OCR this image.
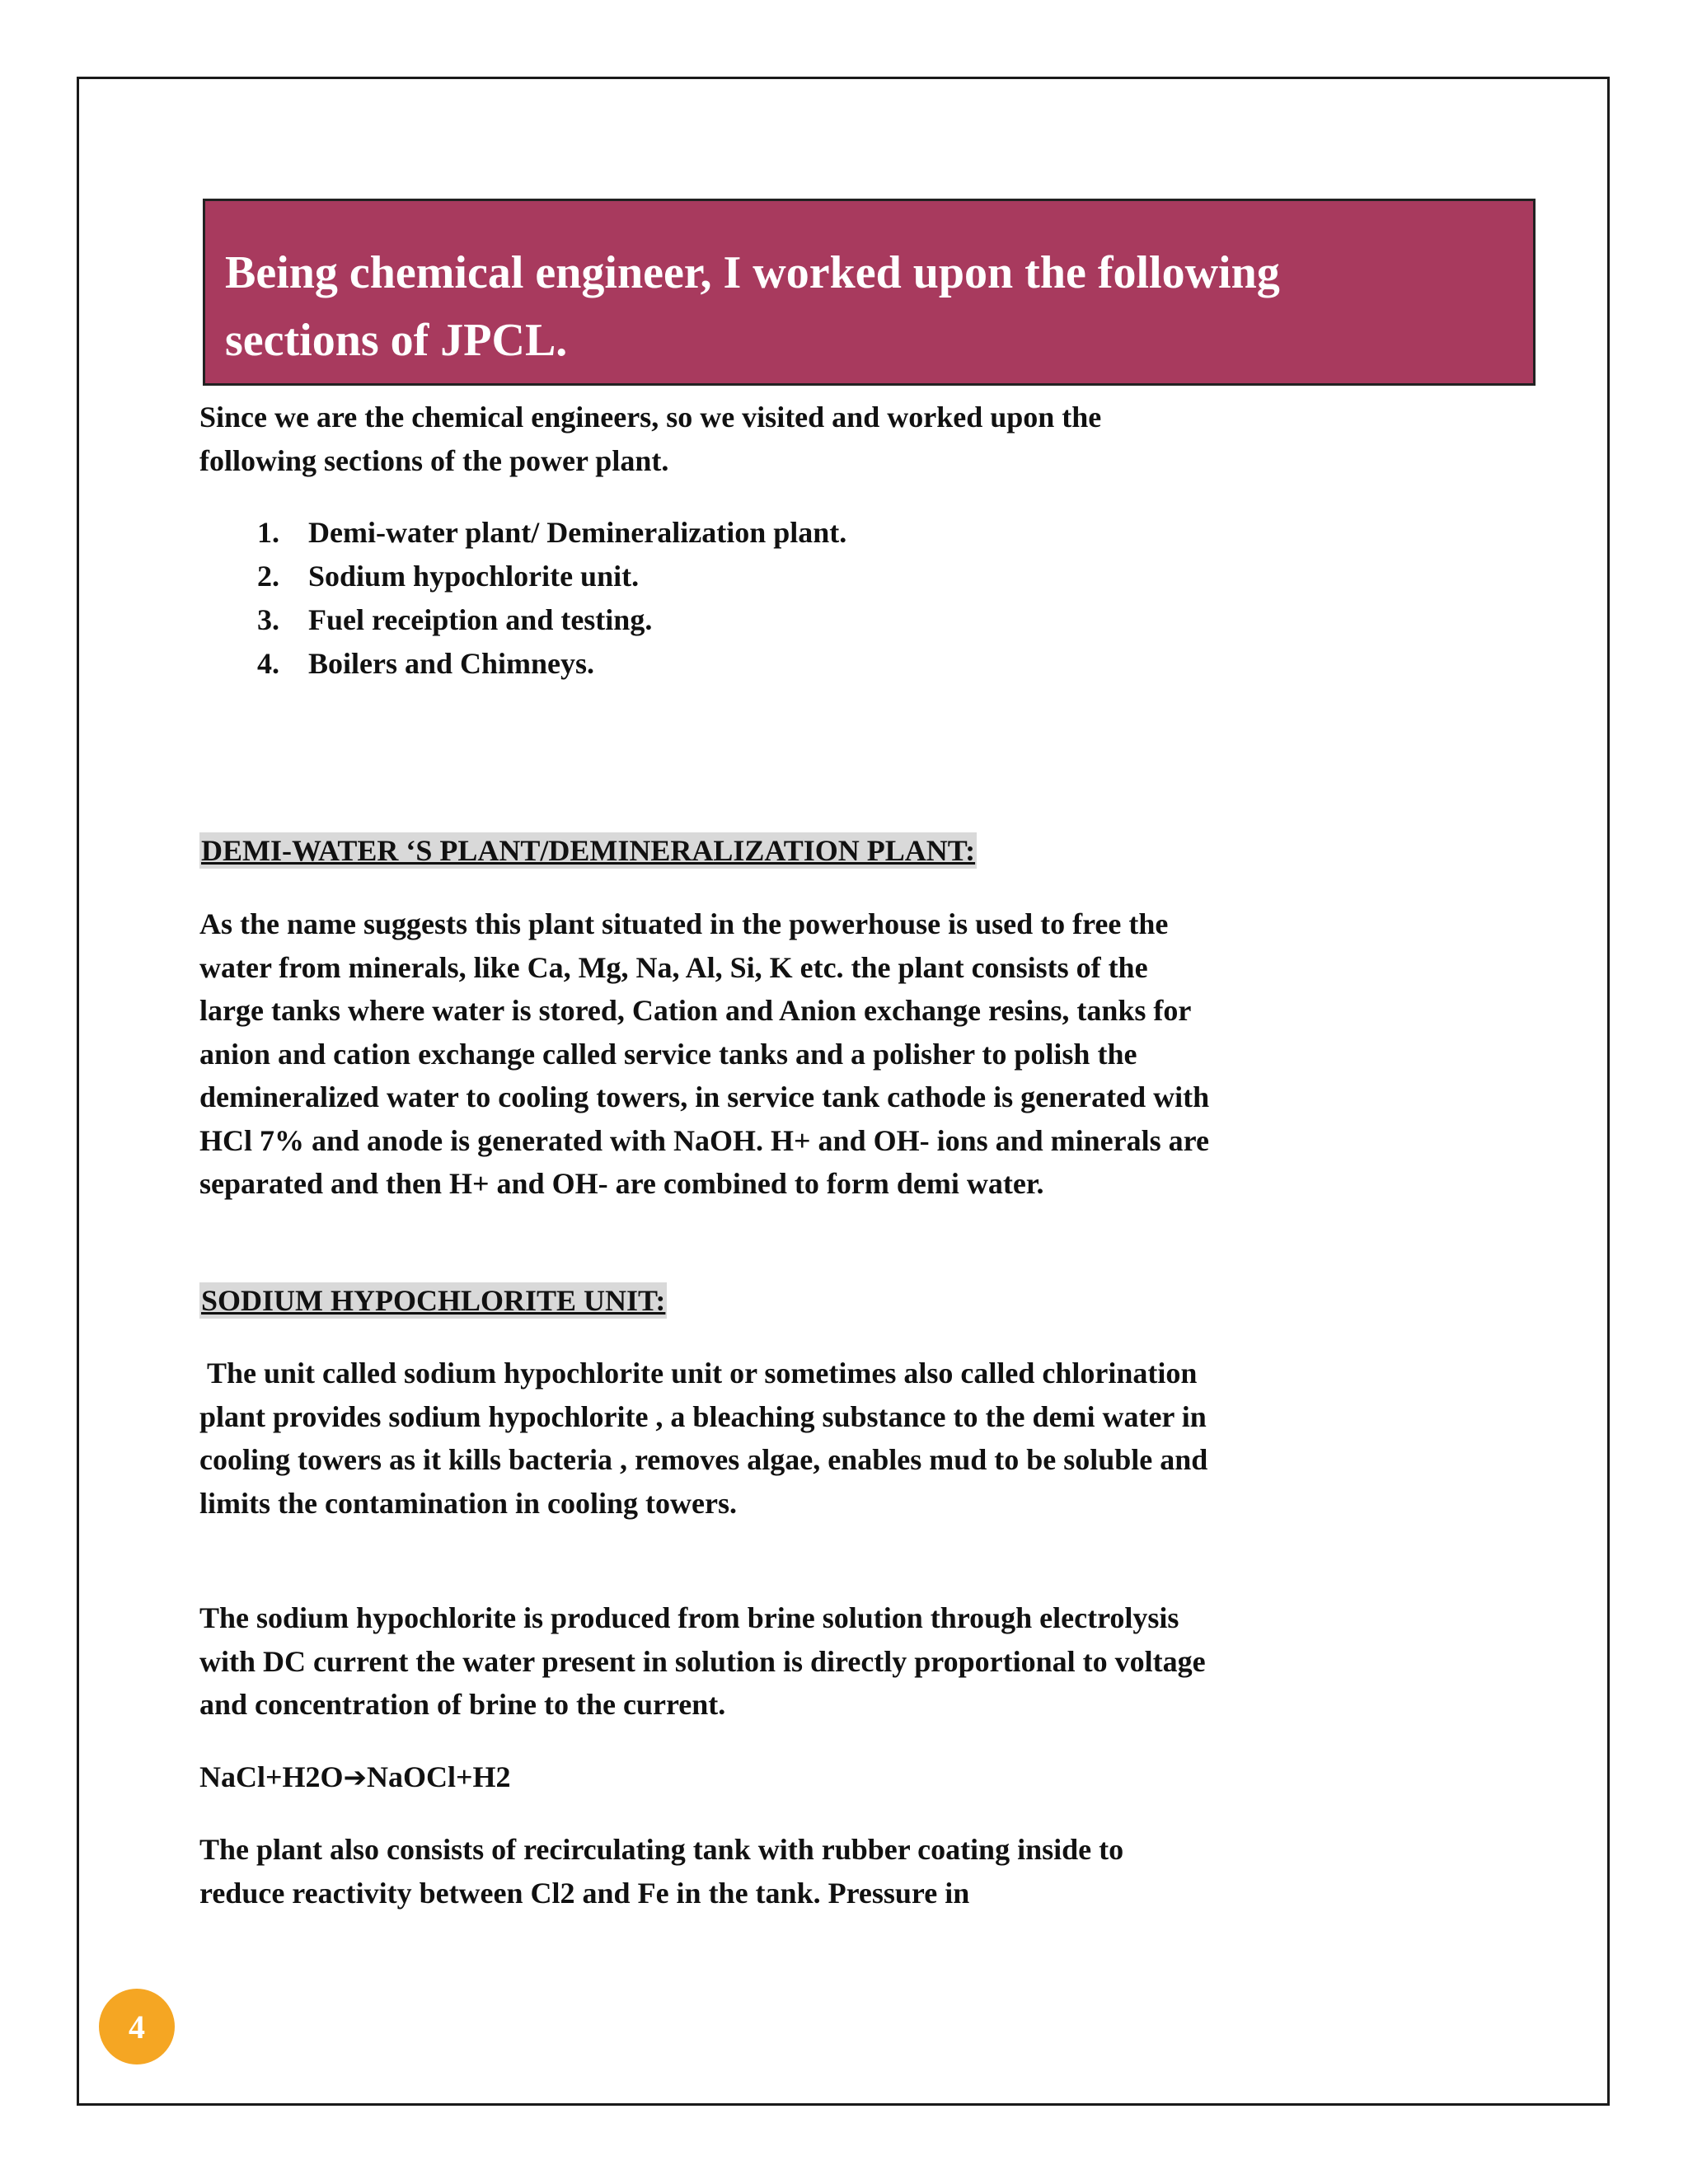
Being chemical engineer, I worked upon the following sections of JPCL.

Since we are the chemical engineers, so we visited and worked upon the following sections of the power plant.

1. Demi-water plant/ Demineralization plant.
2. Sodium hypochlorite unit.
3. Fuel receiption and testing.
4. Boilers and Chimneys.
DEMI-WATER ‘S PLANT/DEMINERALIZATION PLANT:

As the name suggests this plant situated in the powerhouse is used to free the water from minerals, like Ca, Mg, Na, Al, Si, K etc. the plant consists of the large tanks where water is stored, Cation and Anion exchange resins, tanks for anion and cation exchange called service tanks and a polisher to polish the demineralized water to cooling towers, in service tank cathode is generated with HCl 7% and anode is generated with NaOH. H+ and OH- ions and minerals are separated and then H+ and OH- are combined to form demi water.

SODIUM HYPOCHLORITE UNIT:

The unit called sodium hypochlorite unit or sometimes also called chlorination plant provides sodium hypochlorite , a bleaching substance to the demi water in cooling towers as it kills bacteria , removes algae, enables mud to be soluble and limits the contamination in cooling towers.

The sodium hypochlorite is produced from brine solution through electrolysis with DC current the water present in solution is directly proportional to voltage and concentration of brine to the current.

NaCl+H2O➔NaOCl+H2

The plant also consists of recirculating tank with rubber coating inside to reduce reactivity between Cl2 and Fe in the tank. Pressure in

4
